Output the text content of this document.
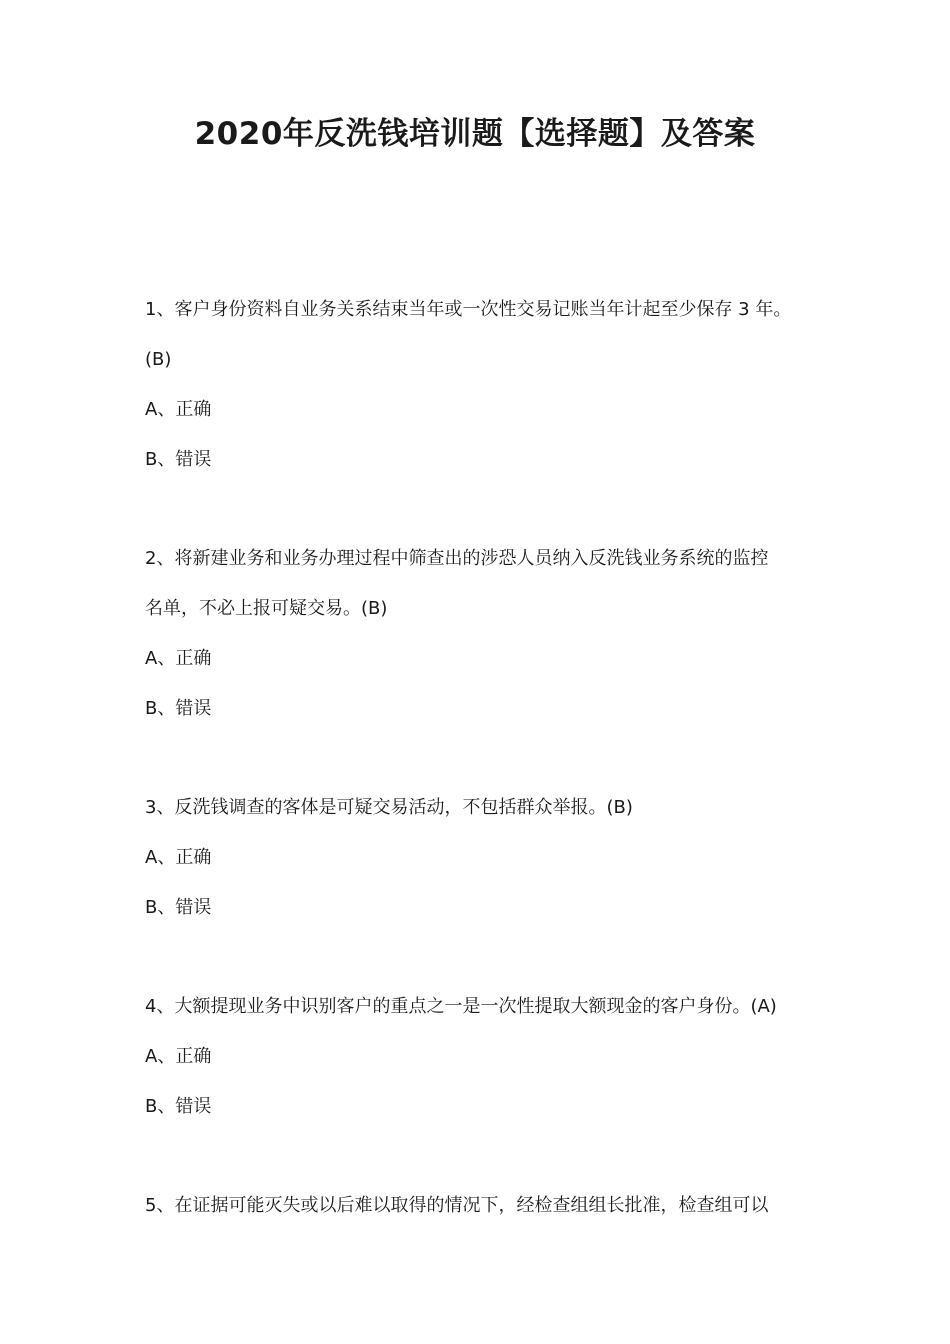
2020年反洗钱培训题【选择题】及答案

1、客户身份资料自业务关系结束当年或一次性交易记账当年计起至少保存 3 年。

(B)

A、正确

B、错误

2、将新建业务和业务办理过程中筛查出的涉恐人员纳入反洗钱业务系统的监控

名单，不必上报可疑交易。(B)

A、正确

B、错误

3、反洗钱调查的客体是可疑交易活动，不包括群众举报。(B)

A、正确

B、错误

4、大额提现业务中识别客户的重点之一是一次性提取大额现金的客户身份。(A)

A、正确

B、错误

5、在证据可能灭失或以后难以取得的情况下，经检查组组长批准，检查组可以
